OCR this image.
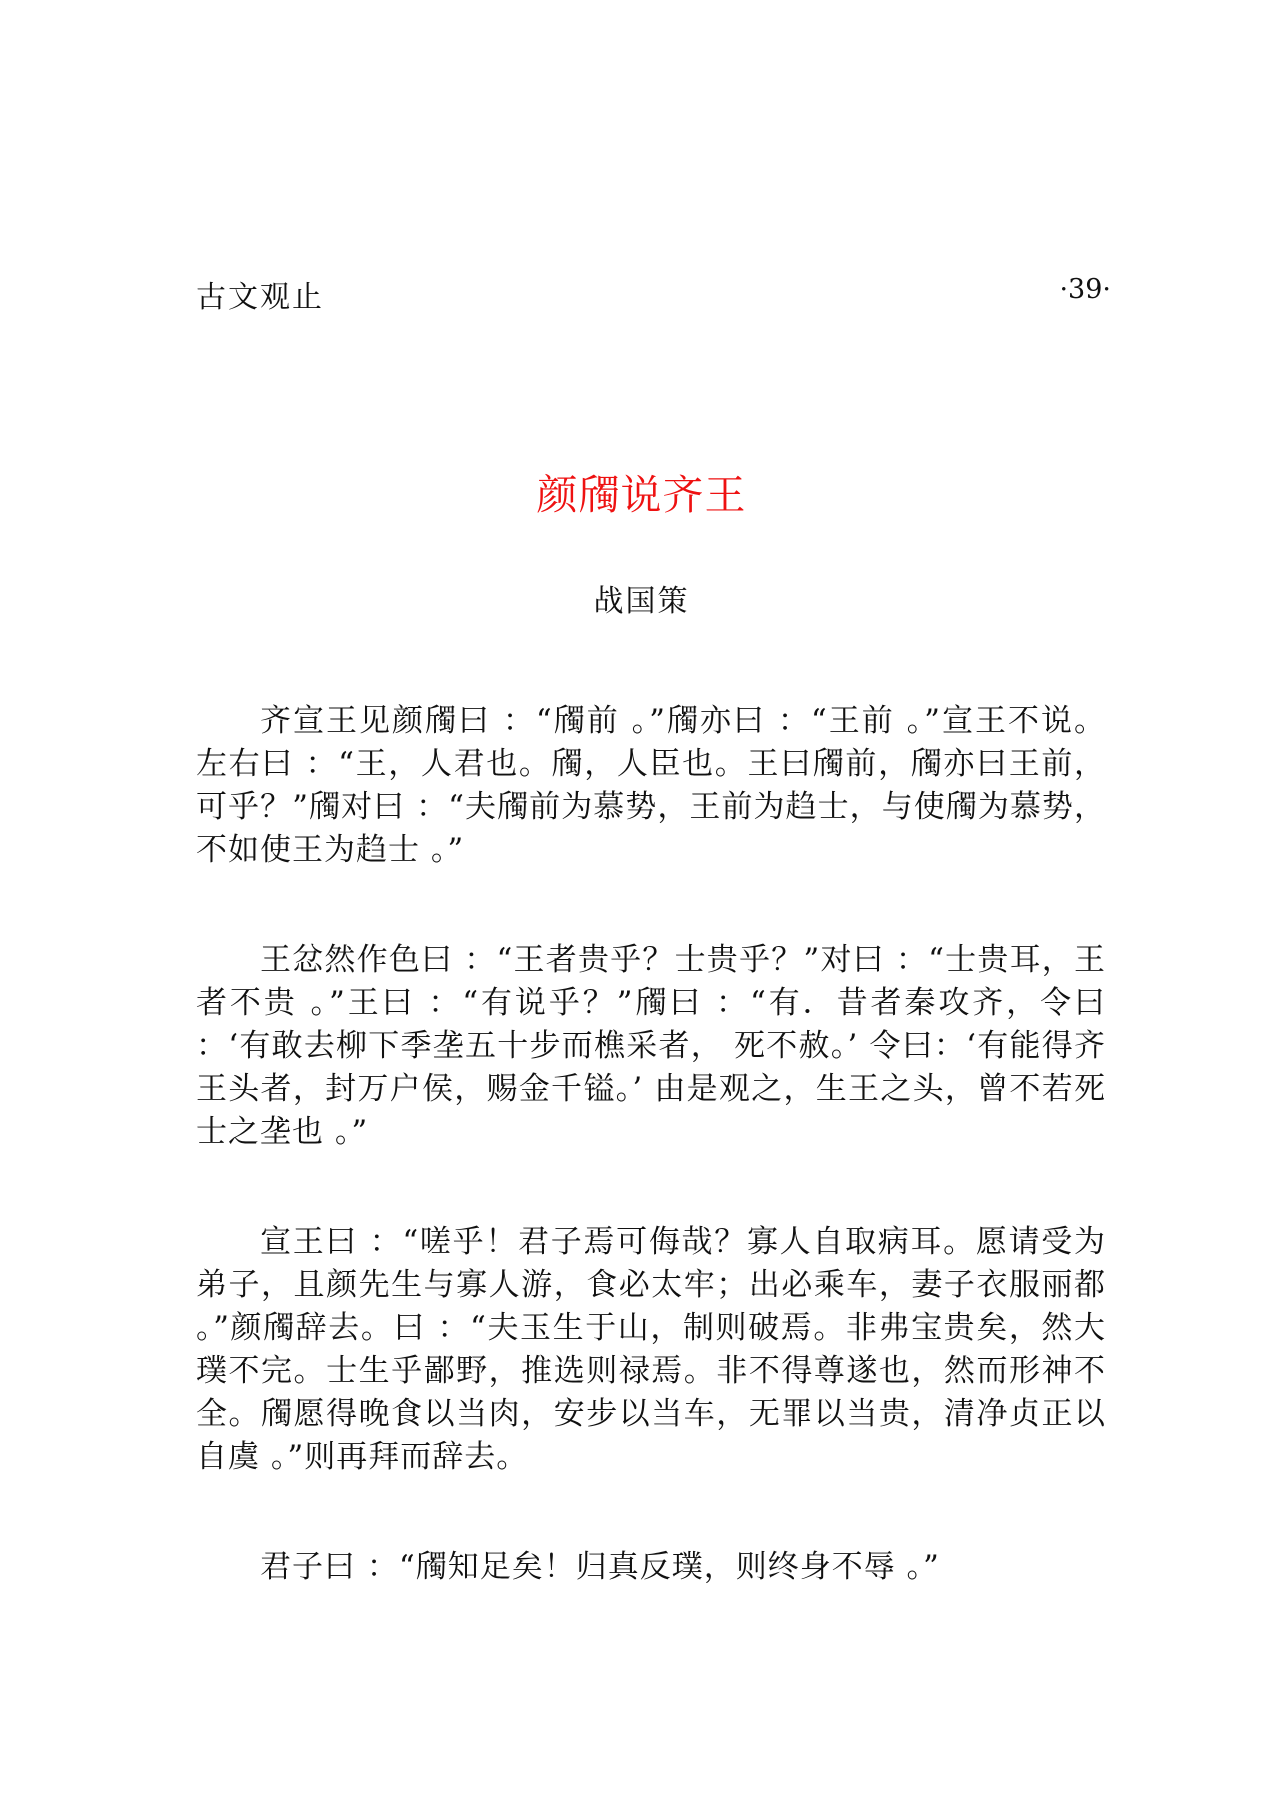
古文观止	·39·
颜斶说齐王
战国策

齐宣王见颜斶曰 ：“斶前 。”斶亦曰 ：“王前 。”宣王不说。左右曰 ：“王，人君也。斶，人臣也。王曰斶前，斶亦曰王前，可乎？”斶对曰 ：“夫斶前为慕势，王前为趋士，与使斶为慕势，不如使王为趋士 。”

王忿然作色曰 ：“王者贵乎？士贵乎？”对曰 ：“士贵耳，王者不贵 。”王曰 ：“有说乎？”斶曰 ：“有．昔者秦攻齐，令曰 ：‘有敢去柳下季垄五十步而樵采者， 死不赦。’ 令曰：‘有能得齐王头者，封万户侯，赐金千镒。’ 由是观之，生王之头，曾不若死士之垄也 。”

宣王曰 ：“嗟乎！君子焉可侮哉？寡人自取病耳。愿请受为弟子，且颜先生与寡人游，食必太牢；出必乘车，妻子衣服丽都 。”颜斶辞去。曰 ：“夫玉生于山，制则破焉。非弗宝贵矣，然大璞不完。士生乎鄙野，推选则禄焉。非不得尊遂也，然而形神不全。斶愿得晚食以当肉，安步以当车，无罪以当贵，清净贞正以自虞 。”则再拜而辞去。

君子曰 ：“斶知足矣！归真反璞，则终身不辱 。”
